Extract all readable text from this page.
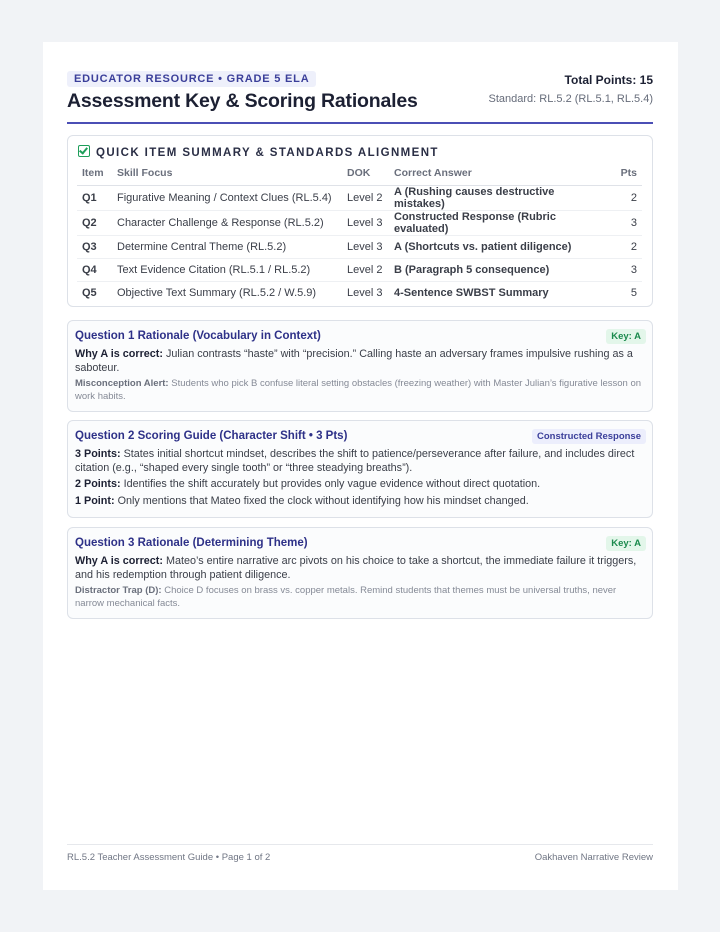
EDUCATOR RESOURCE • GRADE 5 ELA
Assessment Key & Scoring Rationales
Total Points: 15
Standard: RL.5.2 (RL.5.1, RL.5.4)
QUICK ITEM SUMMARY & STANDARDS ALIGNMENT
Item	Skill Focus	DOK	Correct Answer	Pts
Q1	Figurative Meaning / Context Clues (RL.5.4)	Level 2	A (Rushing causes destructive mistakes)	2
Q2	Character Challenge & Response (RL.5.2)	Level 3	Constructed Response (Rubric evaluated)	3
Q3	Determine Central Theme (RL.5.2)	Level 3	A (Shortcuts vs. patient diligence)	2
Q4	Text Evidence Citation (RL.5.1 / RL.5.2)	Level 2	B (Paragraph 5 consequence)	3
Q5	Objective Text Summary (RL.5.2 / W.5.9)	Level 3	4-Sentence SWBST Summary	5
Question 1 Rationale (Vocabulary in Context)	Key: A

Why A is correct: Julian contrasts “haste” with “precision.” Calling haste an adversary frames impulsive rushing as a saboteur.

Misconception Alert: Students who pick B confuse literal setting obstacles (freezing weather) with Master Julian’s figurative lesson on work habits.

Question 2 Scoring Guide (Character Shift • 3 Pts)	Constructed Response

3 Points: States initial shortcut mindset, describes the shift to patience/perseverance after failure, and includes direct citation (e.g., “shaped every single tooth” or “three steadying breaths”).

2 Points: Identifies the shift accurately but provides only vague evidence without direct quotation.

1 Point: Only mentions that Mateo fixed the clock without identifying how his mindset changed.

Question 3 Rationale (Determining Theme)	Key: A

Why A is correct: Mateo’s entire narrative arc pivots on his choice to take a shortcut, the immediate failure it triggers, and his redemption through patient diligence.

Distractor Trap (D): Choice D focuses on brass vs. copper metals. Remind students that themes must be universal truths, never narrow mechanical facts.

RL.5.2 Teacher Assessment Guide • Page 1 of 2	Oakhaven Narrative Review
